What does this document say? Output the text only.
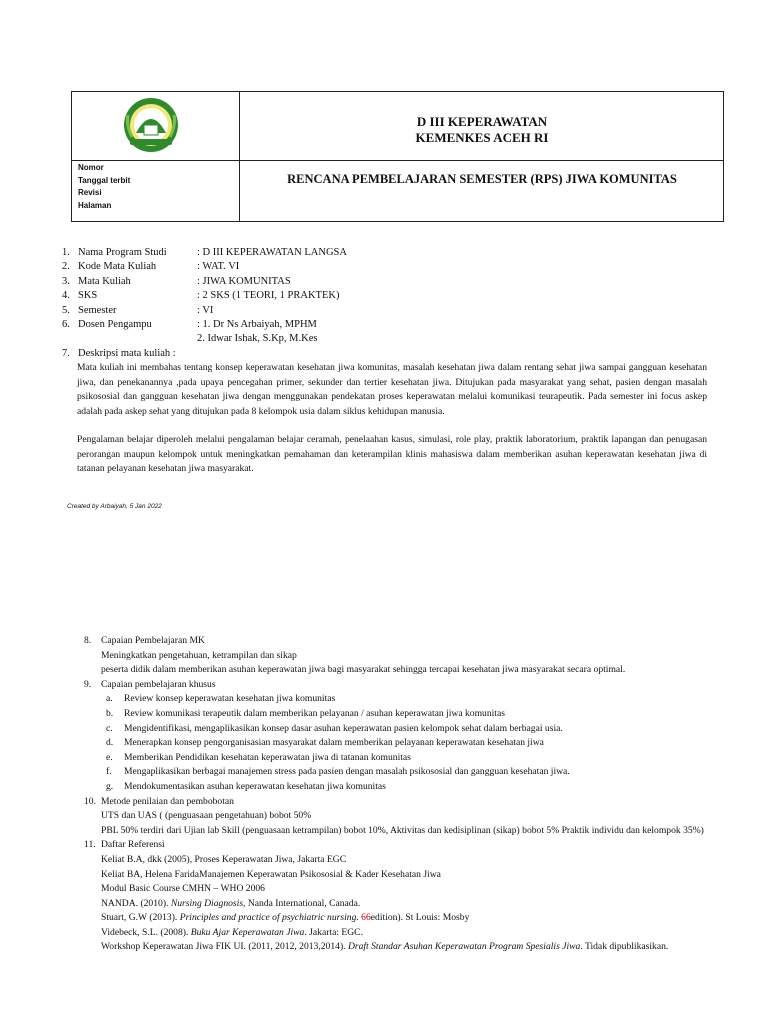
D III KEPERAWATAN
KEMENKES ACEH RI
Nomor
Tanggal terbit
Revisi
Halaman
RENCANA PEMBELAJARAN SEMESTER (RPS) JIWA KOMUNITAS
1. Nama Program Studi	: D III KEPERAWATAN LANGSA
2. Kode Mata Kuliah	: WAT. VI
3. Mata Kuliah	: JIWA KOMUNITAS
4. SKS	: 2 SKS (1 TEORI, 1 PRAKTEK)
5. Semester	: VI
6. Dosen Pengampu	: 1. Dr Ns Arbaiyah, MPHM
2. Idwar Ishak, S.Kp, M.Kes
7. Deskripsi mata kuliah :
Mata kuliah ini membahas tentang konsep keperawatan kesehatan jiwa komunitas, masalah kesehatan jiwa dalam rentang sehat jiwa sampai gangguan kesehatan jiwa, dan penekanannya ,pada upaya pencegahan primer, sekunder dan tertier kesehatan jiwa. Ditujukan pada masyarakat yang sehat, pasien dengan masalah psikososial dan gangguan kesehatan jiwa dengan menggunakan pendekatan proses keperawatan melalui komunikasi teurapeutik. Pada semester ini focus askep adalah pada askep sehat yang ditujukan pada 8 kelompok usia dalam siklus kehidupan manusia.
Pengalaman belajar diperoleh melalui pengalaman belajar ceramah, penelaahan kasus, simulasi, role play, praktik laboratorium, praktik lapangan dan penugasan perorangan maupun kelompok untuk meningkatkan pemahaman dan keterampilan klinis mahasiswa dalam memberikan asuhan keperawatan kesehatan jiwa di tatanan pelayanan kesehatan jiwa masyarakat.
Created by Arbaiyah, 5 Jan 2022
8.	Capaian Pembelajaran MK
Meningkatkan pengetahuan, ketrampilan dan sikap
peserta didik dalam memberikan asuhan keperawatan jiwa bagi masyarakat sehingga tercapai kesehatan jiwa masyarakat secara optimal.
9.	Capaian pembelajaran khusus
a.	Review konsep keperawatan kesehatan jiwa komunitas
b.	Review komunikasi terapeutik dalam memberikan pelayanan / asuhan keperawatan jiwa komunitas
c.	Mengidentifikasi, mengaplikasikan konsep dasar asuhan keperawatan pasien kelompok sehat dalam berbagai usia.
d.	Menerapkan konsep pengorganisasian masyarakat dalam memberikan pelayanan keperawatan kesehatan jiwa
e.	Memberikan Pendidikan kesehatan keperawatan jiwa di tatanan komunitas
f.	Mengaplikasikan berbagai manajemen stress pada pasien dengan masalah psikososial dan gangguan kesehatan jiwa.
g.	Mendokumentasikan asuhan keperawatan kesehatan jiwa komunitas
10. Metode penilaian dan pembobotan
UTS dan UAS ( (penguasaan pengetahuan) bobot 50%
PBL 50% terdiri dari Ujian lab Skill (penguasaan ketrampilan) bobot 10%, Aktivitas dan kedisiplinan (sikap) bobot 5% Praktik individu dan kelompok 35%)
11. Daftar Referensi
Keliat B.A, dkk (2005), Proses Keperawatan Jiwa, Jakarta EGC
Keliat BA, Helena FaridaManajemen Keperawatan Psikososial & Kader Kesehatan Jiwa
Modul Basic Course CMHN – WHO 2006
NANDA. (2010). Nursing Diagnosis, Nanda International, Canada.
Stuart, G.W (2013). Principles and practice of psychiatric nursing. 66edition). St Louis: Mosby
Videbeck, S.L. (2008). Buku Ajar Keperawatan Jiwa. Jakarta: EGC.
Workshop Keperawatan Jiwa FIK UI. (2011, 2012, 2013,2014). Draft Standar Asuhan Keperawatan Program Spesialis Jiwa. Tidak dipublikasikan.
